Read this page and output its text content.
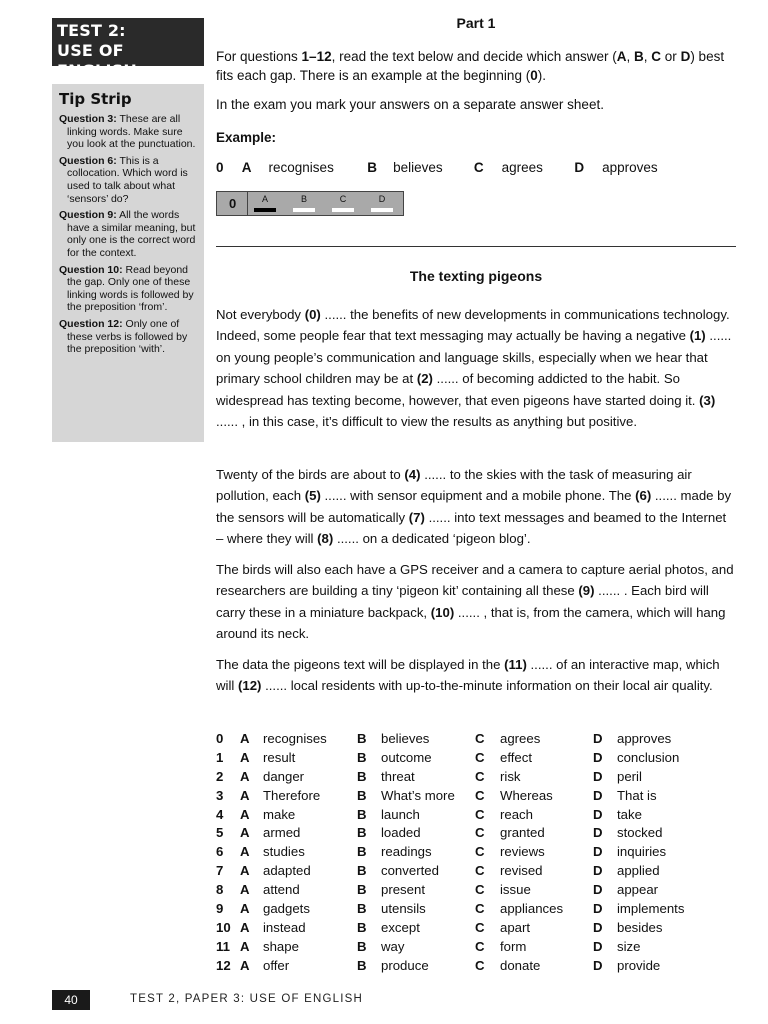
TEST 2:
USE OF ENGLISH
Tip Strip
Question 3: These are all linking words. Make sure you look at the punctuation.
Question 6: This is a collocation. Which word is used to talk about what ‘sensors’ do?
Question 9: All the words have a similar meaning, but only one is the correct word for the context.
Question 10: Read beyond the gap. Only one of these linking words is followed by the preposition ‘from’.
Question 12: Only one of these verbs is followed by the preposition ‘with’.
Part 1

For questions 1–12, read the text below and decide which answer (A, B, C or D) best fits each gap. There is an example at the beginning (0).

In the exam you mark your answers on a separate answer sheet.

Example:

0 A recognises B believes C agrees D approves
0	A	B	C	D
The texting pigeons

Not everybody (0) ...... the benefits of new developments in communications technology. Indeed, some people fear that text messaging may actually be having a negative (1) ...... on young people’s communication and language skills, especially when we hear that primary school children may be at (2) ...... of becoming addicted to the habit. So widespread has texting become, however, that even pigeons have started doing it. (3) ...... , in this case, it’s difficult to view the results as anything but positive.

Twenty of the birds are about to (4) ...... to the skies with the task of measuring air pollution, each (5) ...... with sensor equipment and a mobile phone. The (6) ...... made by the sensors will be automatically (7) ...... into text messages and beamed to the Internet – where they will (8) ...... on a dedicated ‘pigeon blog’.

The birds will also each have a GPS receiver and a camera to capture aerial photos, and researchers are building a tiny ‘pigeon kit’ containing all these (9) ...... . Each bird will carry these in a miniature backpack, (10) ...... , that is, from the camera, which will hang around its neck.

The data the pigeons text will be displayed in the (11) ...... of an interactive map, which will (12) ...... local residents with up-to-the-minute information on their local air quality.

0 A recognises B believes	C agrees	D approves
1 A result	B outcome	C effect	D conclusion
2 A danger	B threat	C risk	D peril
3 A Therefore	B What’s more C Whereas	D That is
4 A make	B launch	C reach	D take
5 A armed	B loaded	C granted	D stocked
6 A studies	B readings	C reviews	D inquiries
7 A adapted	B converted	C revised	D applied
8 A attend	B present	C issue	D appear
9 A gadgets	B utensils	C appliances D implements
10 A instead	B except	C apart	D besides
11 A shape	B way	C form	D size
12 A offer	B produce	C donate	D provide
40	TEST 2, PAPER 3: USE OF ENGLISH
